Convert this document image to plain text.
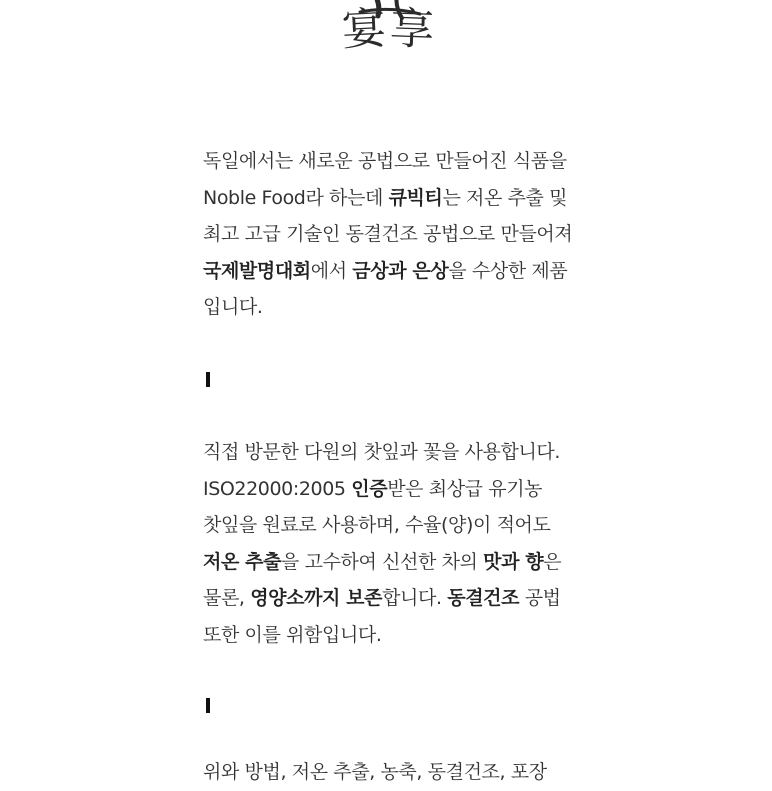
宴 享
독일에서는 새로운 공법으로 만들어진 식품을
Noble Food라 하는데 큐빅티는 저온 추출 및
최고 고급 기술인 동결건조 공법으로 만들어져
국제발명대회에서 금상과 은상을 수상한 제품
입니다.
직접 방문한 다원의 찻잎과 꽃을 사용합니다.
ISO22000:2005 인증받은 최상급 유기농
찻잎을 원료로 사용하며, 수율(양)이 적어도
저온 추출을 고수하여 신선한 차의 맛과 향은
물론, 영양소까지 보존합니다. 동결건조 공법
또한 이를 위함입니다.
위와 방법, 저온 추출, 농축, 동결건조, 포장
